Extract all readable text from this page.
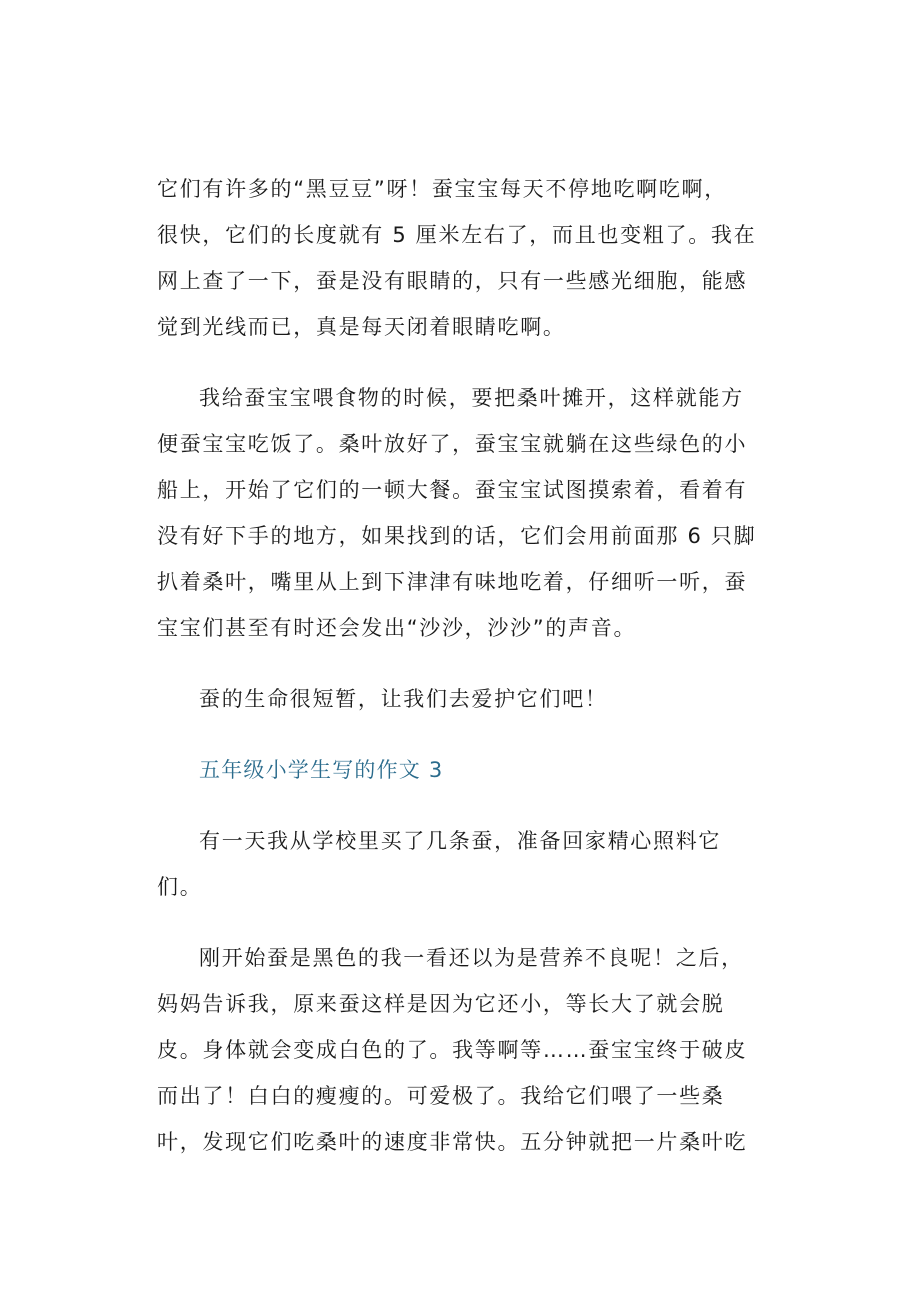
它们有许多的“黑豆豆”呀！蚕宝宝每天不停地吃啊吃啊，
很快，它们的长度就有 5 厘米左右了，而且也变粗了。我在
网上查了一下，蚕是没有眼睛的，只有一些感光细胞，能感
觉到光线而已，真是每天闭着眼睛吃啊。
我给蚕宝宝喂食物的时候，要把桑叶摊开，这样就能方
便蚕宝宝吃饭了。桑叶放好了，蚕宝宝就躺在这些绿色的小
船上，开始了它们的一顿大餐。蚕宝宝试图摸索着，看着有
没有好下手的地方，如果找到的话，它们会用前面那 6 只脚
扒着桑叶，嘴里从上到下津津有味地吃着，仔细听一听，蚕
宝宝们甚至有时还会发出“沙沙，沙沙”的声音。
蚕的生命很短暂，让我们去爱护它们吧！
五年级小学生写的作文 3
有一天我从学校里买了几条蚕，准备回家精心照料它
们。
刚开始蚕是黑色的我一看还以为是营养不良呢！之后，
妈妈告诉我，原来蚕这样是因为它还小，等长大了就会脱
皮。身体就会变成白色的了。我等啊等……蚕宝宝终于破皮
而出了！白白的瘦瘦的。可爱极了。我给它们喂了一些桑
叶，发现它们吃桑叶的速度非常快。五分钟就把一片桑叶吃
